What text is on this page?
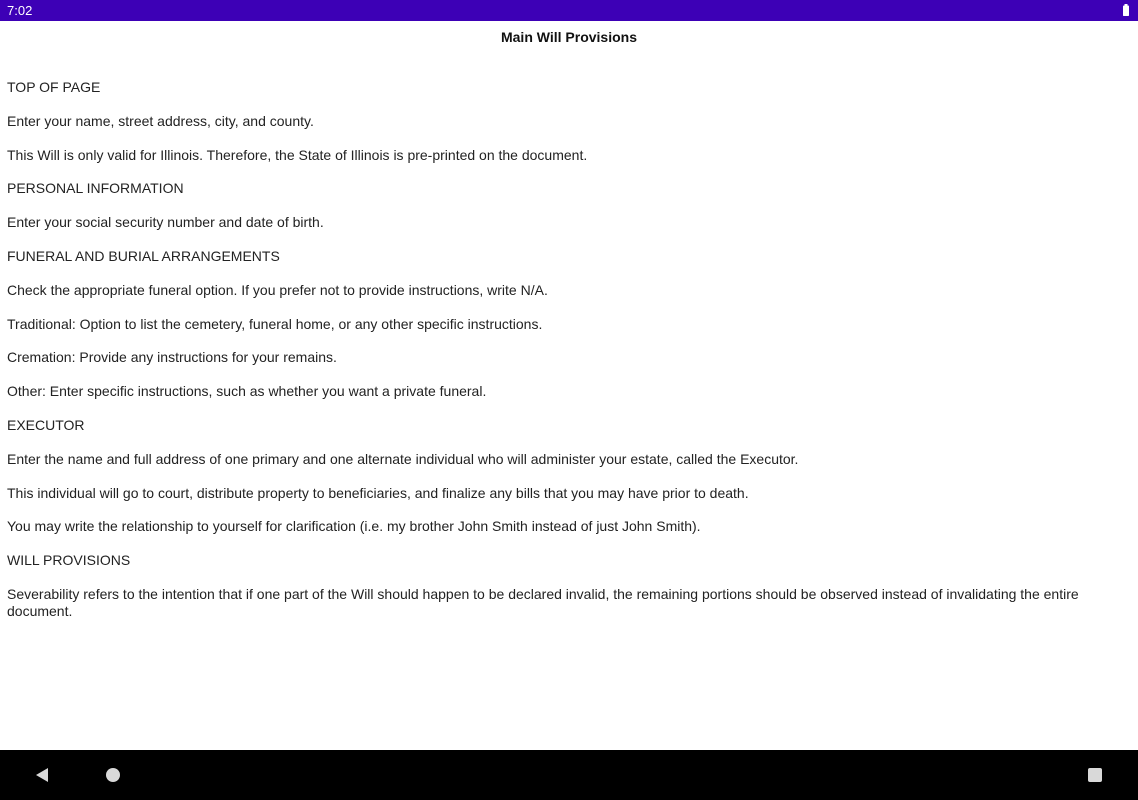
7:02
Main Will Provisions

TOP OF PAGE

Enter your name, street address, city, and county.

This Will is only valid for Illinois. Therefore, the State of Illinois is pre-printed on the document.

PERSONAL INFORMATION

Enter your social security number and date of birth.

FUNERAL AND BURIAL ARRANGEMENTS

Check the appropriate funeral option. If you prefer not to provide instructions, write N/A.

Traditional: Option to list the cemetery, funeral home, or any other specific instructions.

Cremation: Provide any instructions for your remains.

Other: Enter specific instructions, such as whether you want a private funeral.

EXECUTOR

Enter the name and full address of one primary and one alternate individual who will administer your estate, called the Executor.

This individual will go to court, distribute property to beneficiaries, and finalize any bills that you may have prior to death.

You may write the relationship to yourself for clarification (i.e. my brother John Smith instead of just John Smith).

WILL PROVISIONS

Severability refers to the intention that if one part of the Will should happen to be declared invalid, the remaining portions should be observed instead of invalidating the entire document.
